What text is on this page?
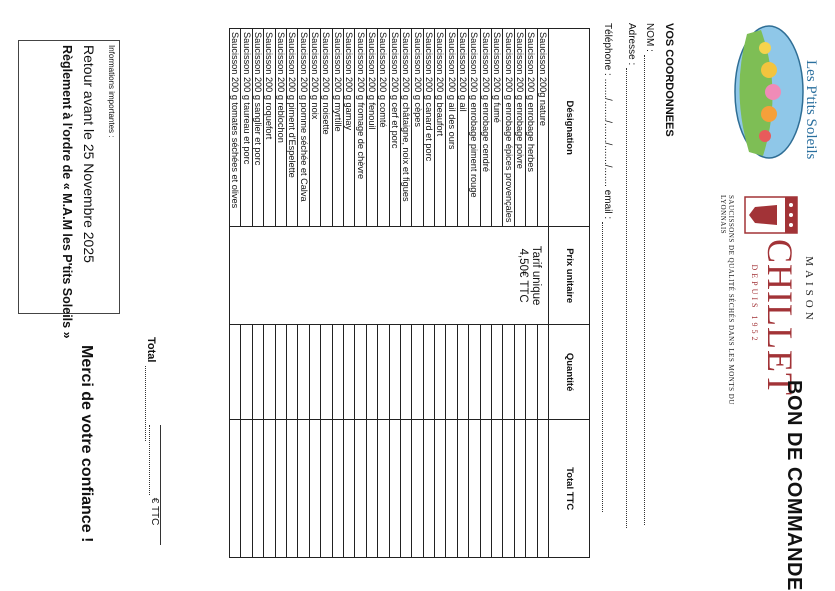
Les P'tits Soleils
MAISON
CHILLET
DEPUIS 1952
SAUCISSONS DE QUALITÉ SÉCHÉS DANS LES MONTS DU LYONNAIS
BON DE COMMANDE
VOS COORDONNEES
NOM :
Adresse :
Téléphone : ......./......./......./......./....... email :
Désignation	Prix unitaire	Quantité	Total TTC
Saucisson 200g nature	Tarif unique
4,50€ TTC		

Saucisson 200 g enrobage herbes			
Saucisson 200 g enrobage poivre			
Saucisson 200 g enrobage épices provençales			
Saucisson 200 g fumé			
Saucisson 200 g enrobage cendré			
Saucisson 200 g enrobage piment rouge			
Saucisson 200 g ail			
Saucisson 200 g ail des ours			
Saucisson 200 g beaufort			
Saucisson 200 g canard et porc			
Saucisson 200 g cèpes			
Saucisson 200 g châtaigne, noix et figues			
Saucisson 200 g cerf et porc			
Saucisson 200 g comté			
Saucisson 200 g fenouil			
Saucisson 200 g fromage de chèvre			
Saucisson 200 g gamay			
Saucisson 200 g myrtille			
Saucisson 200 g noisette			
Saucisson 200 g noix			
Saucisson 200 g pomme séchée et Calva			
Saucisson 200 g piment d'Espelette			
Saucisson 200 g reblochon			
Saucisson 200 g roquefort			
Saucisson 200 g sanglier et porc			
Saucisson 200 g taureau et porc			
Saucisson 200 g tomates séchées et olives			
Total
€ TTC
Informations importantes :
Retour avant le 25 Novembre 2025
Règlement à l'ordre de « M.A.M les P'tits Soleils »
Merci de votre confiance !
